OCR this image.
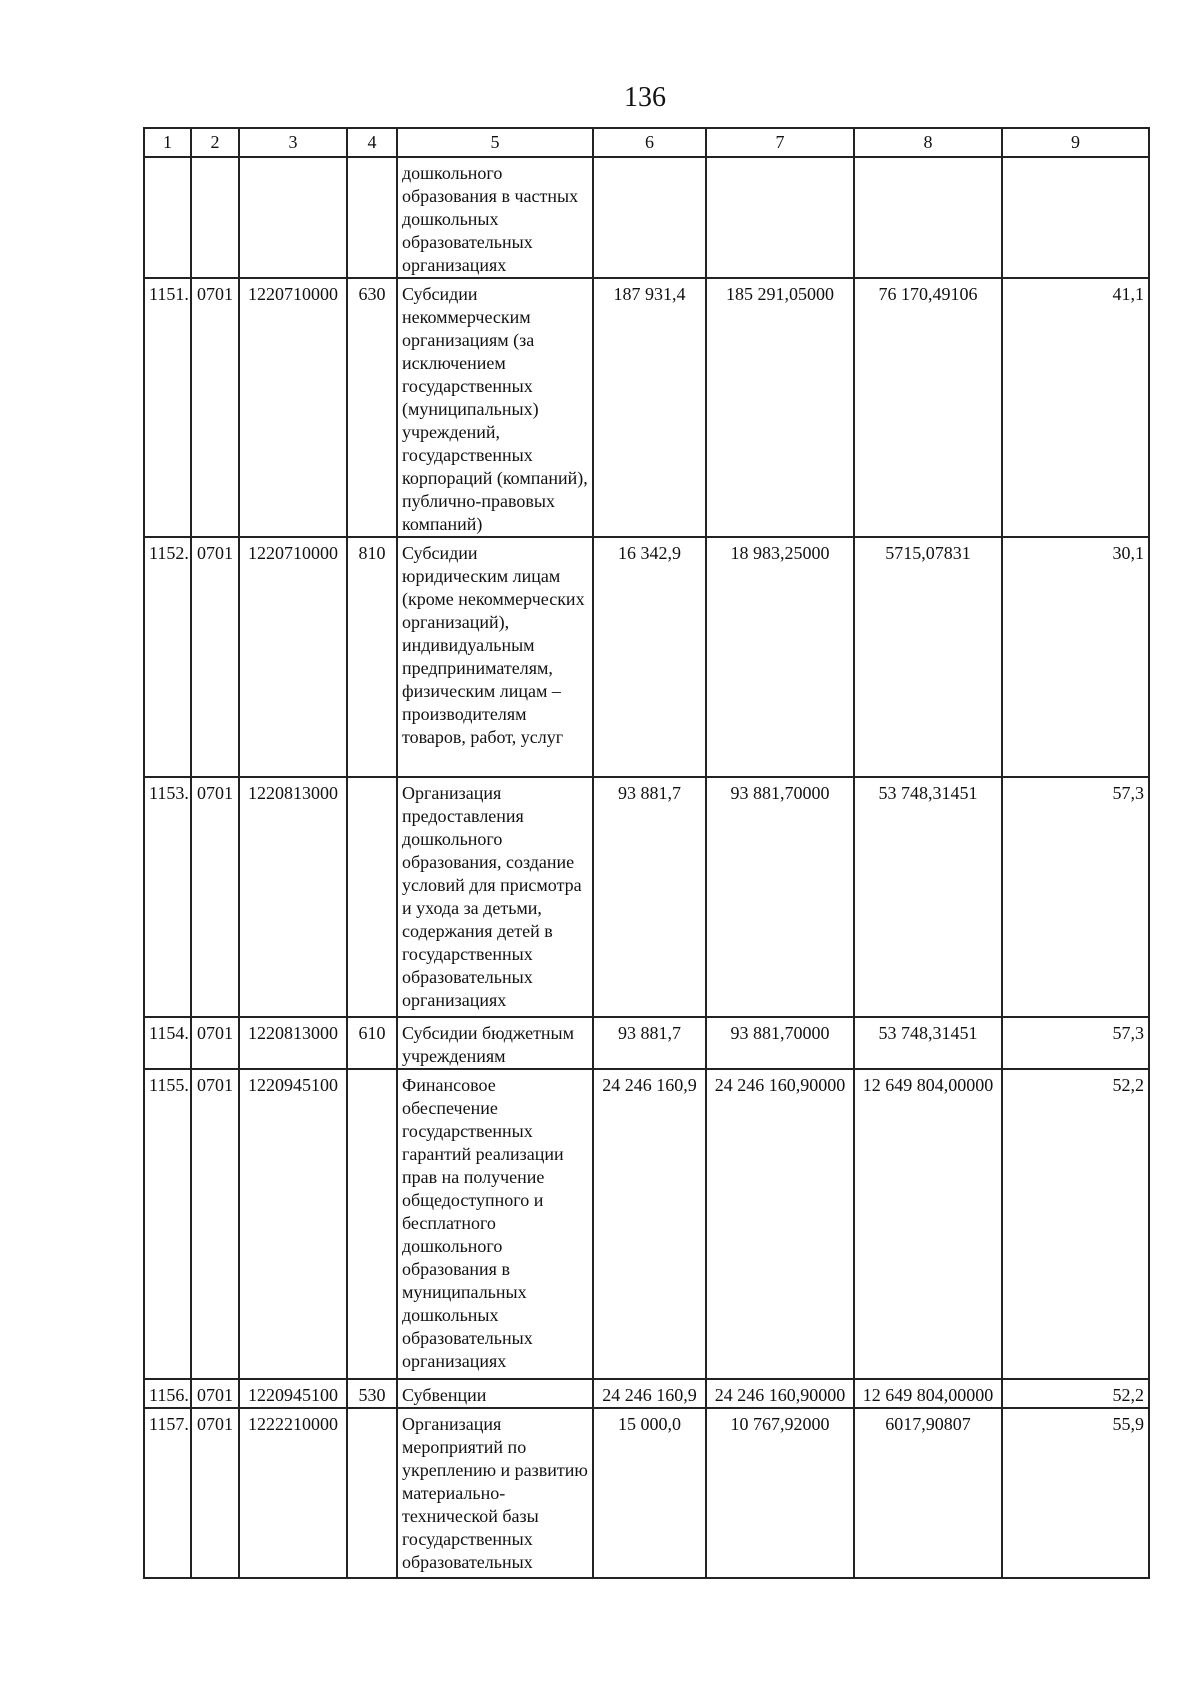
136
1	2	3	4	5	6	7	8	9
				дошкольного образования в частных дошкольных образовательных организациях				
1151.	0701	1220710000	630	Субсидии некоммерческим организациям (за исключением государственных (муниципальных) учреждений, государственных корпораций (компаний), публично-правовых компаний)	187 931,4	185 291,05000	76 170,49106	41,1
1152.	0701	1220710000	810	Субсидии юридическим лицам (кроме некоммерческих организаций), индивидуальным предпринимателям, физическим лицам – производителям товаров, работ, услуг	16 342,9	18 983,25000	5715,07831	30,1
1153.	0701	1220813000		Организация предоставления дошкольного образования, создание условий для присмотра и ухода за детьми, содержания детей в государственных образовательных организациях	93 881,7	93 881,70000	53 748,31451	57,3
1154.	0701	1220813000	610	Субсидии бюджетным учреждениям	93 881,7	93 881,70000	53 748,31451	57,3
1155.	0701	1220945100		Финансовое обеспечение государственных гарантий реализации прав на получение общедоступного и бесплатного дошкольного образования в муниципальных дошкольных образовательных организациях	24 246 160,9	24 246 160,90000	12 649 804,00000	52,2
1156.	0701	1220945100	530	Субвенции	24 246 160,9	24 246 160,90000	12 649 804,00000	52,2
1157.	0701	1222210000		Организация мероприятий по укреплению и развитию материально-технической базы государственных образовательных	15 000,0	10 767,92000	6017,90807	55,9
